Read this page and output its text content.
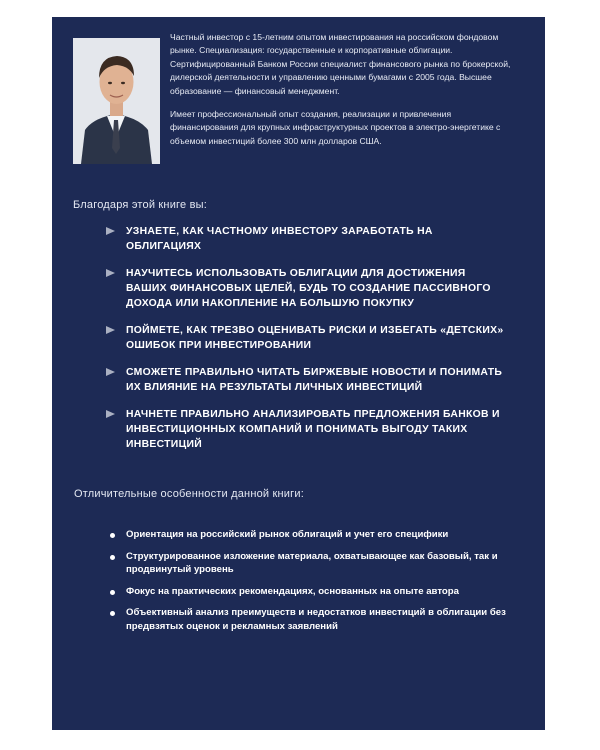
Частный инвестор с 15-летним опытом инвестирования на российском фондовом рынке. Специализация: государственные и корпоративные облигации. Сертифицированный Банком России специалист финансового рынка по брокерской, дилерской деятельности и управлению ценными бумагами с 2005 года. Высшее образование — финансовый менеджмент.

Имеет профессиональный опыт создания, реализации и привлечения финансирования для крупных инфраструктурных проектов в электро-энергетике с объемом инвестиций более 300 млн долларов США.

Благодаря этой книге вы:
УЗНАЕТЕ, КАК ЧАСТНОМУ ИНВЕСТОРУ ЗАРАБОТАТЬ НА ОБЛИГАЦИЯХ
НАУЧИТЕСЬ ИСПОЛЬЗОВАТЬ ОБЛИГАЦИИ ДЛЯ ДОСТИЖЕНИЯ ВАШИХ ФИНАНСОВЫХ ЦЕЛЕЙ, БУДЬ ТО СОЗДАНИЕ ПАССИВНОГО ДОХОДА ИЛИ НАКОПЛЕНИЕ НА БОЛЬШУЮ ПОКУПКУ
ПОЙМЕТЕ, КАК ТРЕЗВО ОЦЕНИВАТЬ РИСКИ И ИЗБЕГАТЬ «ДЕТСКИХ» ОШИБОК ПРИ ИНВЕСТИРОВАНИИ
СМОЖЕТЕ ПРАВИЛЬНО ЧИТАТЬ БИРЖЕВЫЕ НОВОСТИ И ПОНИМАТЬ ИХ ВЛИЯНИЕ НА РЕЗУЛЬТАТЫ ЛИЧНЫХ ИНВЕСТИЦИЙ
НАЧНЕТЕ ПРАВИЛЬНО АНАЛИЗИРОВАТЬ ПРЕДЛОЖЕНИЯ БАНКОВ И ИНВЕСТИЦИОННЫХ КОМПАНИЙ И ПОНИМАТЬ ВЫГОДУ ТАКИХ ИНВЕСТИЦИЙ
Отличительные особенности данной книги:
Ориентация на российский рынок облигаций и учет его специфики
Структурированное изложение материала, охватывающее как базовый, так и продвинутый уровень
Фокус на практических рекомендациях, основанных на опыте автора
Объективный анализ преимуществ и недостатков инвестиций в облигации без предвзятых оценок и рекламных заявлений
